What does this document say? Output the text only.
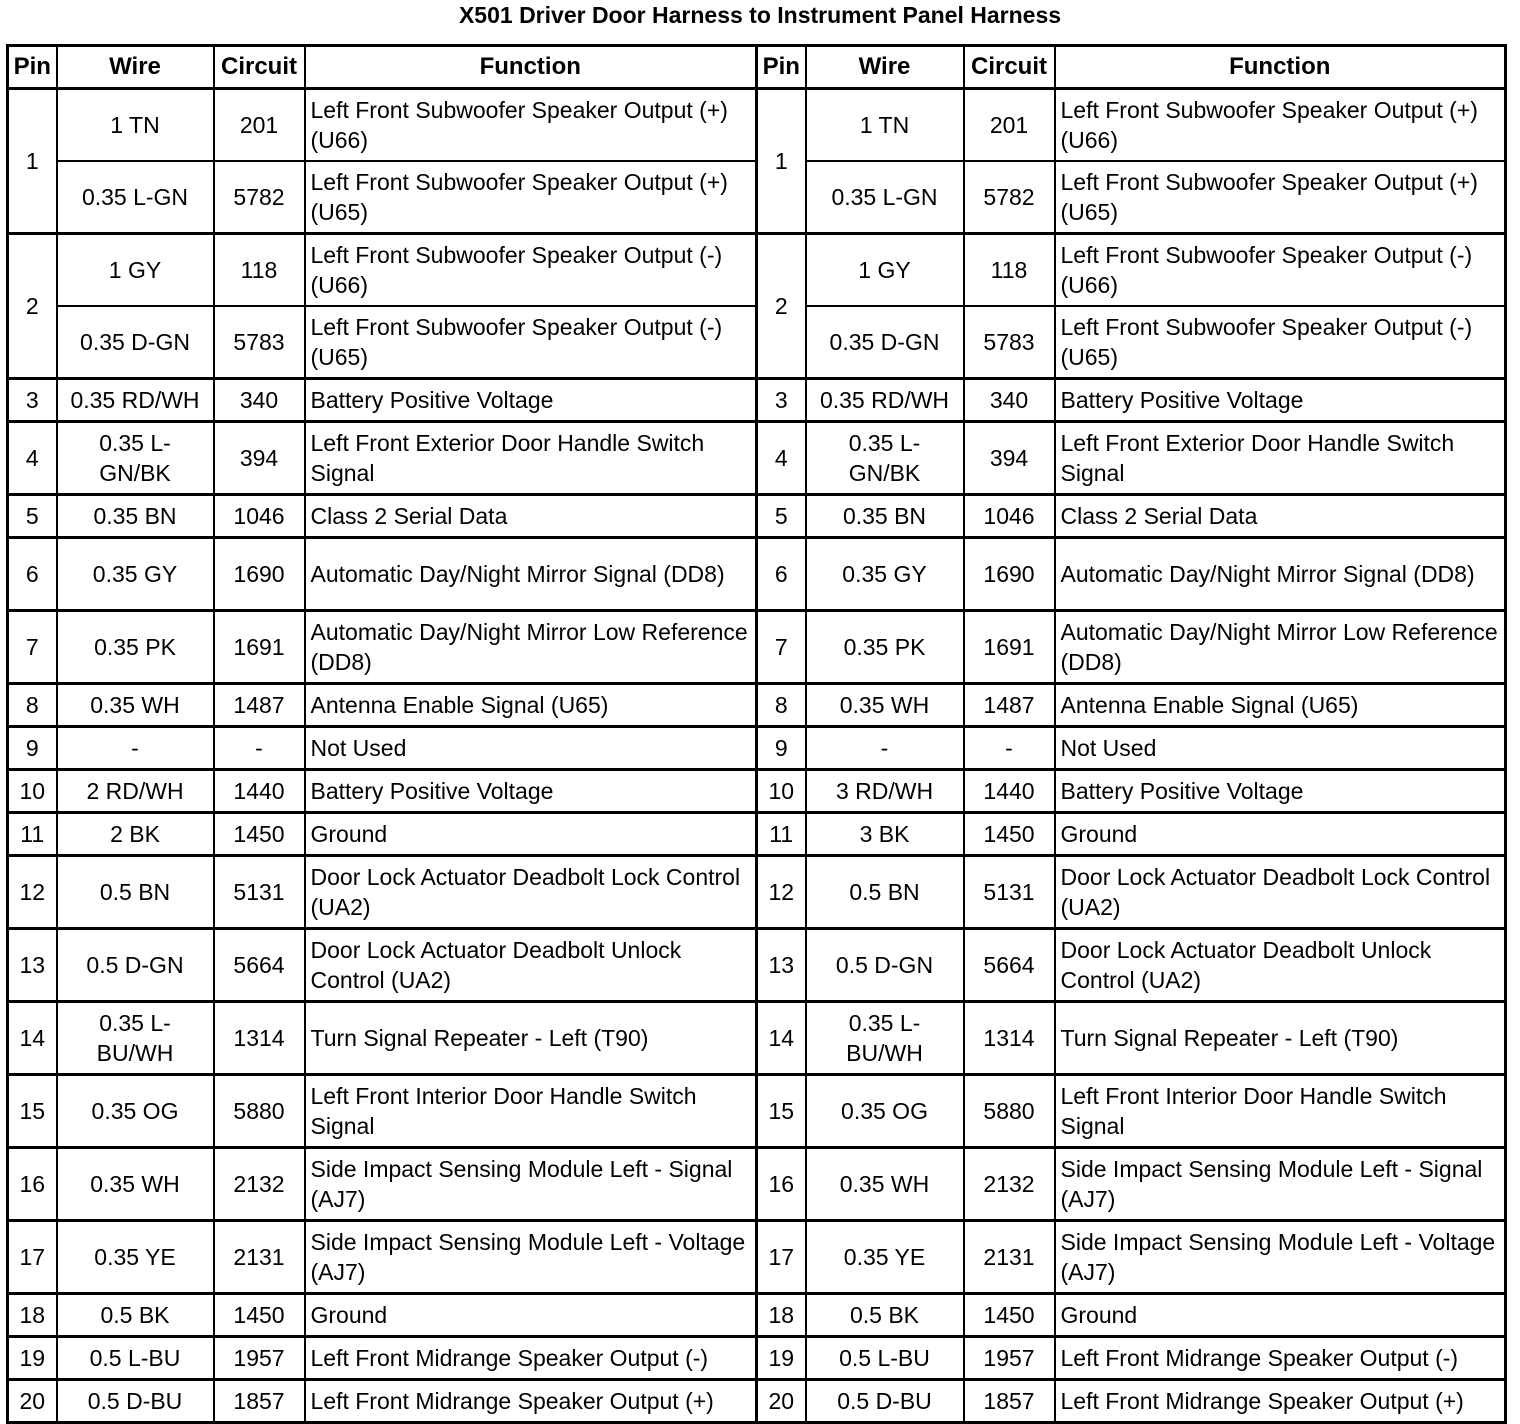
X501 Driver Door Harness to Instrument Panel Harness
Pin	Wire	Circuit	Function	Pin	Wire	Circuit	Function
1	1 TN	201	Left Front Subwoofer Speaker Output (+) (U66)	1	1 TN	201	Left Front Subwoofer Speaker Output (+) (U66)
	0.35 L-GN	5782	Left Front Subwoofer Speaker Output (+) (U65)		0.35 L-GN	5782	Left Front Subwoofer Speaker Output (+) (U65)
2	1 GY	118	Left Front Subwoofer Speaker Output (-) (U66)	2	1 GY	118	Left Front Subwoofer Speaker Output (-) (U66)
	0.35 D-GN	5783	Left Front Subwoofer Speaker Output (-) (U65)		0.35 D-GN	5783	Left Front Subwoofer Speaker Output (-) (U65)
3	0.35 RD/WH	340	Battery Positive Voltage	3	0.35 RD/WH	340	Battery Positive Voltage
4	0.35 L-GN/BK	394	Left Front Exterior Door Handle Switch Signal	4	0.35 L-GN/BK	394	Left Front Exterior Door Handle Switch Signal
5	0.35 BN	1046	Class 2 Serial Data	5	0.35 BN	1046	Class 2 Serial Data
6	0.35 GY	1690	Automatic Day/Night Mirror Signal (DD8)	6	0.35 GY	1690	Automatic Day/Night Mirror Signal (DD8)
7	0.35 PK	1691	Automatic Day/Night Mirror Low Reference (DD8)	7	0.35 PK	1691	Automatic Day/Night Mirror Low Reference (DD8)
8	0.35 WH	1487	Antenna Enable Signal (U65)	8	0.35 WH	1487	Antenna Enable Signal (U65)
9	-	-	Not Used	9	-	-	Not Used
10	2 RD/WH	1440	Battery Positive Voltage	10	3 RD/WH	1440	Battery Positive Voltage
11	2 BK	1450	Ground	11	3 BK	1450	Ground
12	0.5 BN	5131	Door Lock Actuator Deadbolt Lock Control (UA2)	12	0.5 BN	5131	Door Lock Actuator Deadbolt Lock Control (UA2)
13	0.5 D-GN	5664	Door Lock Actuator Deadbolt Unlock Control (UA2)	13	0.5 D-GN	5664	Door Lock Actuator Deadbolt Unlock Control (UA2)
14	0.35 L-BU/WH	1314	Turn Signal Repeater - Left (T90)	14	0.35 L-BU/WH	1314	Turn Signal Repeater - Left (T90)
15	0.35 OG	5880	Left Front Interior Door Handle Switch Signal	15	0.35 OG	5880	Left Front Interior Door Handle Switch Signal
16	0.35 WH	2132	Side Impact Sensing Module Left - Signal (AJ7)	16	0.35 WH	2132	Side Impact Sensing Module Left - Signal (AJ7)
17	0.35 YE	2131	Side Impact Sensing Module Left - Voltage (AJ7)	17	0.35 YE	2131	Side Impact Sensing Module Left - Voltage (AJ7)
18	0.5 BK	1450	Ground	18	0.5 BK	1450	Ground
19	0.5 L-BU	1957	Left Front Midrange Speaker Output (-)	19	0.5 L-BU	1957	Left Front Midrange Speaker Output (-)
20	0.5 D-BU	1857	Left Front Midrange Speaker Output (+)	20	0.5 D-BU	1857	Left Front Midrange Speaker Output (+)
